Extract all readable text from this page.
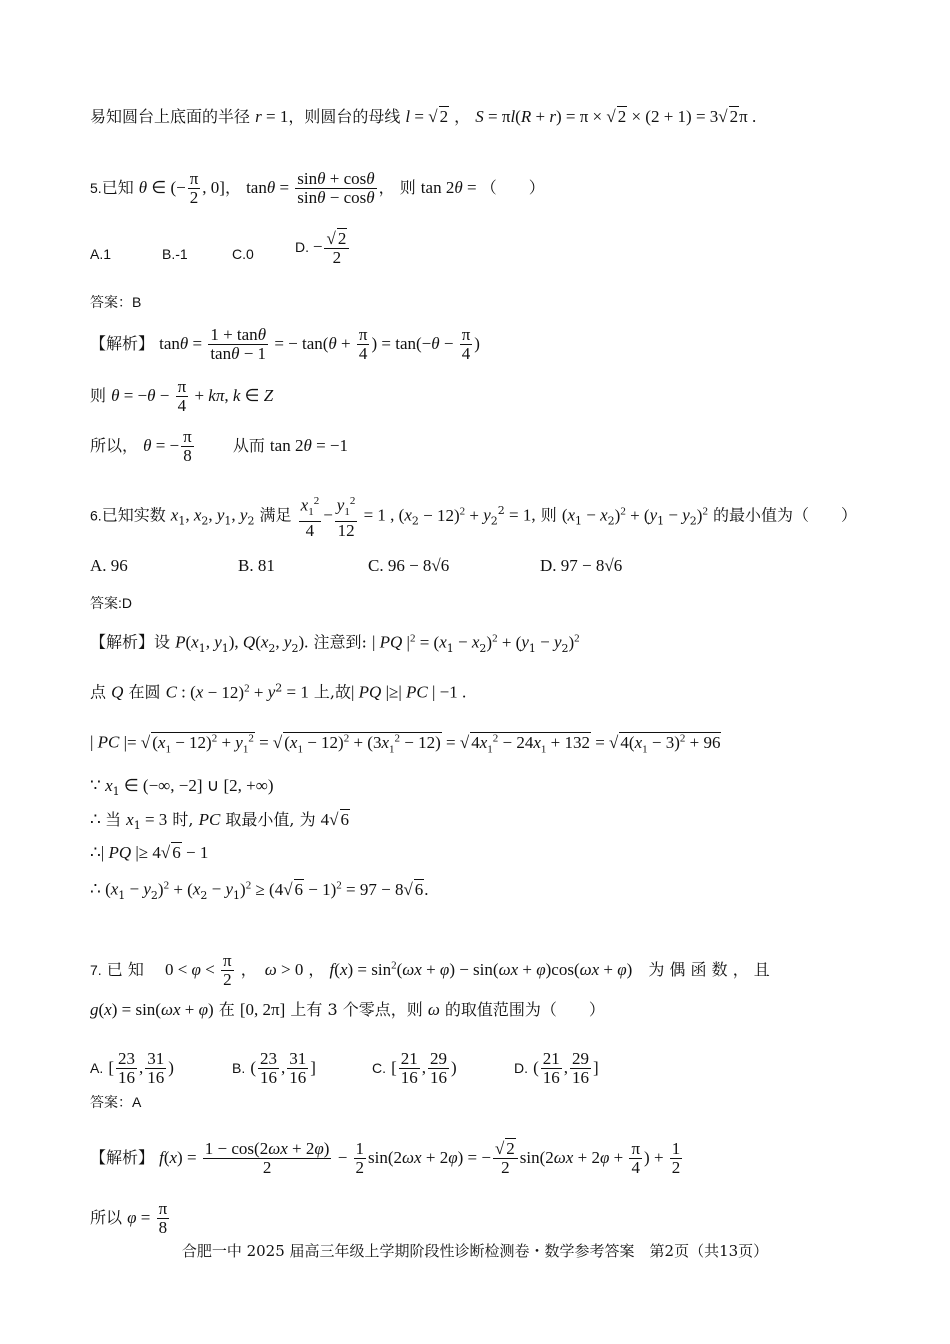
易知圆台上底面的半径 r = 1，则圆台的母线 l = √ 2 ， S = πl(R + r) = π × √ 2 × (2 + 1) = 3√ 2π .
5.已知 θ ∈ (− $\frac{\pi}{2}$ , 0]， $\tan\theta = \frac{\sin\theta + \cos\theta}{\sin\theta - \cos\theta}$ ， 则 tan 2θ = （　　）
A.1	B.-1	C.0	D. − $\frac{√ 2}{2}$
答案：B
【解析】 $\tan\theta = \frac{1 + \tan\theta}{\tan\theta - 1}$ = − $\tan(\theta + \frac{\pi}{4}$ ) = $\tan(-\theta - \frac{\pi}{4}$ )
则 $\theta = -\theta - \frac{\pi}{4} + k\pi$, k ∈ Z
所以， θ = − $\frac{\pi}{8}$ 　　 从而 tan 2θ = −1
6.已知实数 $x_1$, $x_2$, $y_1$, $y_2$ 满足 $\frac{x_1^2}{4} - \frac{y_1^2}{12} = 1$ , $(x_2 - 12)^2 + y_2^2 = 1$, 则 $(x_1 - x_2)^2 + (y_1 - y_2)^2$ 的最小值为（　　）
A. 96	B. 81	C. 96 − 8√6	D. 97 − 8√6
答案:D
【解析】设 $P(x_1$, $y_1$), $Q(x_2$, $y_2$). 注意到: | PQ $|^2 = (x_1 - x_2)^2 + (y_1 - y_2)^2$
点 Q 在圆 C : $(x - 12)^2 + y^2 = 1$ 上,故| PQ |≥| PC | −1 .
| PC |= √ $(x_1 - 12)^2 + y_1^2$ = √ $(x_1 - 12)^2 + (3x_1^2 - 12)$ = √ $4x_1^2 - 24x_1 + 132$ = √ $4(x_1 - 3)^2 + 96$
∵ $x_1$ ∈ (−∞, −2] ∪ [2, +∞)
∴ 当 $x_1 = 3$ 时, PC 取最小值, 为 4√ 6
∴| PQ |≥ 4√ 6 − 1
∴ $(x_1 - y_2)^2 + (x_2 - y_1)^2 \ge (4√$ 6 − 1)$^2$ = 97 − 8√ 6.
7. 已 知 　$0 < \varphi < \frac{\pi}{2}$ ，　ω > 0 ， $f(x) = \sin^2(\omega x + \varphi) - \sin(\omega x + \varphi)\cos(\omega x + \varphi)$　为 偶 函 数 ， 且
g(x) = sin(ωx + φ) 在 [0, 2π] 上有 3 个零点，则 ω 的取值范围为（　　）
A. [ $\frac{23}{16}$ , $\frac{31}{16}$ )	B. ( $\frac{23}{16}$ , $\frac{31}{16}$ ]	C. [ $\frac{21}{16}$ , $\frac{29}{16}$ )	D. ( $\frac{21}{16}$ , $\frac{29}{16}$ ]
答案：A
【解析】 $f(x) = \frac{1 - \cos(2\omega x + 2\varphi)}{2} - \frac{1}{2} \sin(2\omega x + 2\varphi)$ = − $\frac{√ 2}{2} \sin(2\omega x + 2\varphi + \frac{\pi}{4}$ ) + $\frac{1}{2}$
所以 $\varphi = \frac{\pi}{8}$
合肥一中 2025 届高三年级上学期阶段性诊断检测卷・数学参考答案　第2页（共13页）
